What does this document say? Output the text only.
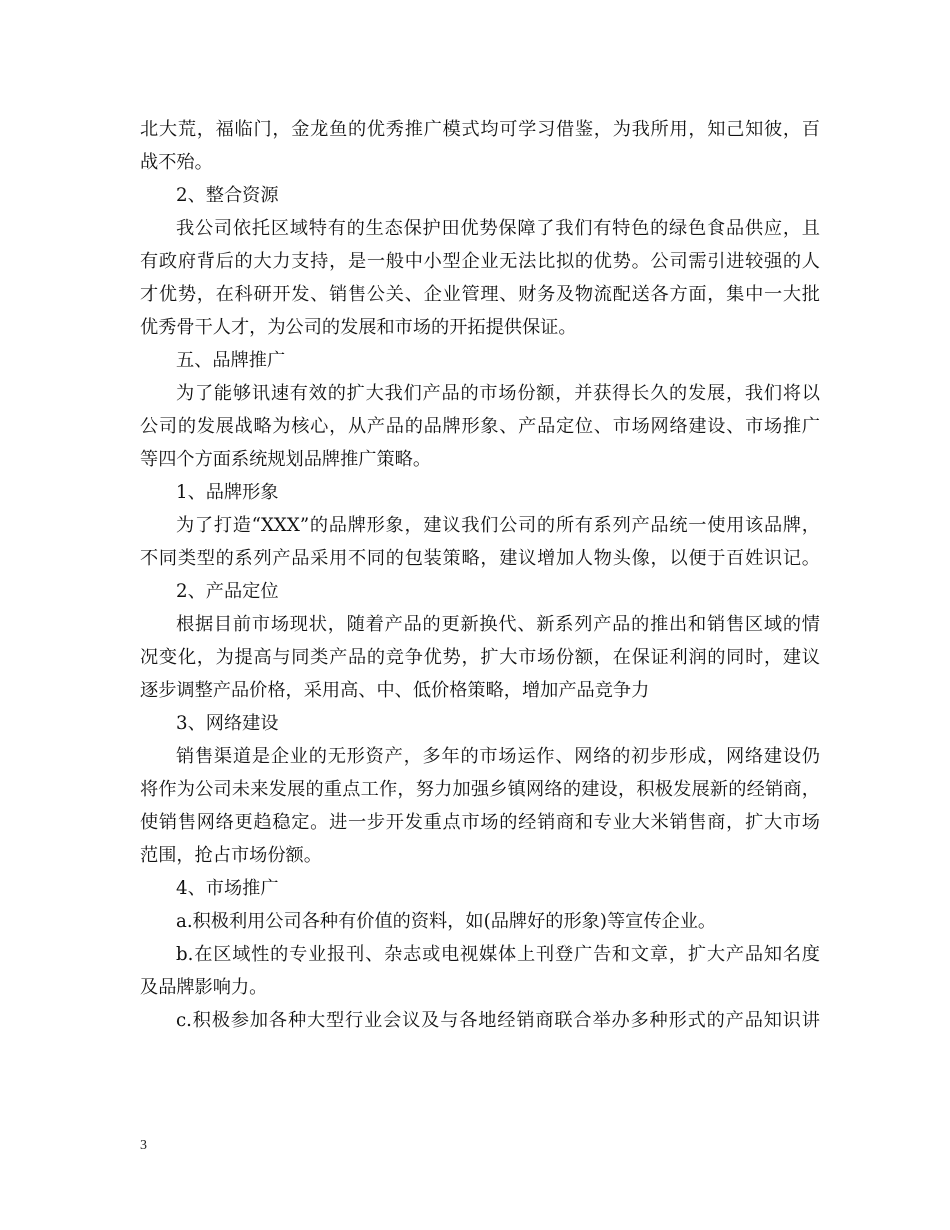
北大荒，福临门，金龙鱼的优秀推广模式均可学习借鉴，为我所用，知己知彼，百
战不殆。
2、整合资源
我公司依托区域特有的生态保护田优势保障了我们有特色的绿色食品供应，且
有政府背后的大力支持，是一般中小型企业无法比拟的优势。公司需引进较强的人
才优势，在科研开发、销售公关、企业管理、财务及物流配送各方面，集中一大批
优秀骨干人才，为公司的发展和市场的开拓提供保证。
五、品牌推广
为了能够讯速有效的扩大我们产品的市场份额，并获得长久的发展，我们将以
公司的发展战略为核心，从产品的品牌形象、产品定位、市场网络建设、市场推广
等四个方面系统规划品牌推广策略。
1、品牌形象
为了打造“XXX”的品牌形象，建议我们公司的所有系列产品统一使用该品牌，
不同类型的系列产品采用不同的包装策略，建议增加人物头像，以便于百姓识记。
2、产品定位
根据目前市场现状，随着产品的更新换代、新系列产品的推出和销售区域的情
况变化，为提高与同类产品的竞争优势，扩大市场份额，在保证利润的同时，建议
逐步调整产品价格，采用高、中、低价格策略，增加产品竞争力
3、网络建设
销售渠道是企业的无形资产，多年的市场运作、网络的初步形成，网络建设仍
将作为公司未来发展的重点工作，努力加强乡镇网络的建设，积极发展新的经销商，
使销售网络更趋稳定。进一步开发重点市场的经销商和专业大米销售商，扩大市场
范围，抢占市场份额。
4、市场推广
a.积极利用公司各种有价值的资料，如(品牌好的形象)等宣传企业。
b.在区域性的专业报刊、杂志或电视媒体上刊登广告和文章，扩大产品知名度
及品牌影响力。
c.积极参加各种大型行业会议及与各地经销商联合举办多种形式的产品知识讲
3
